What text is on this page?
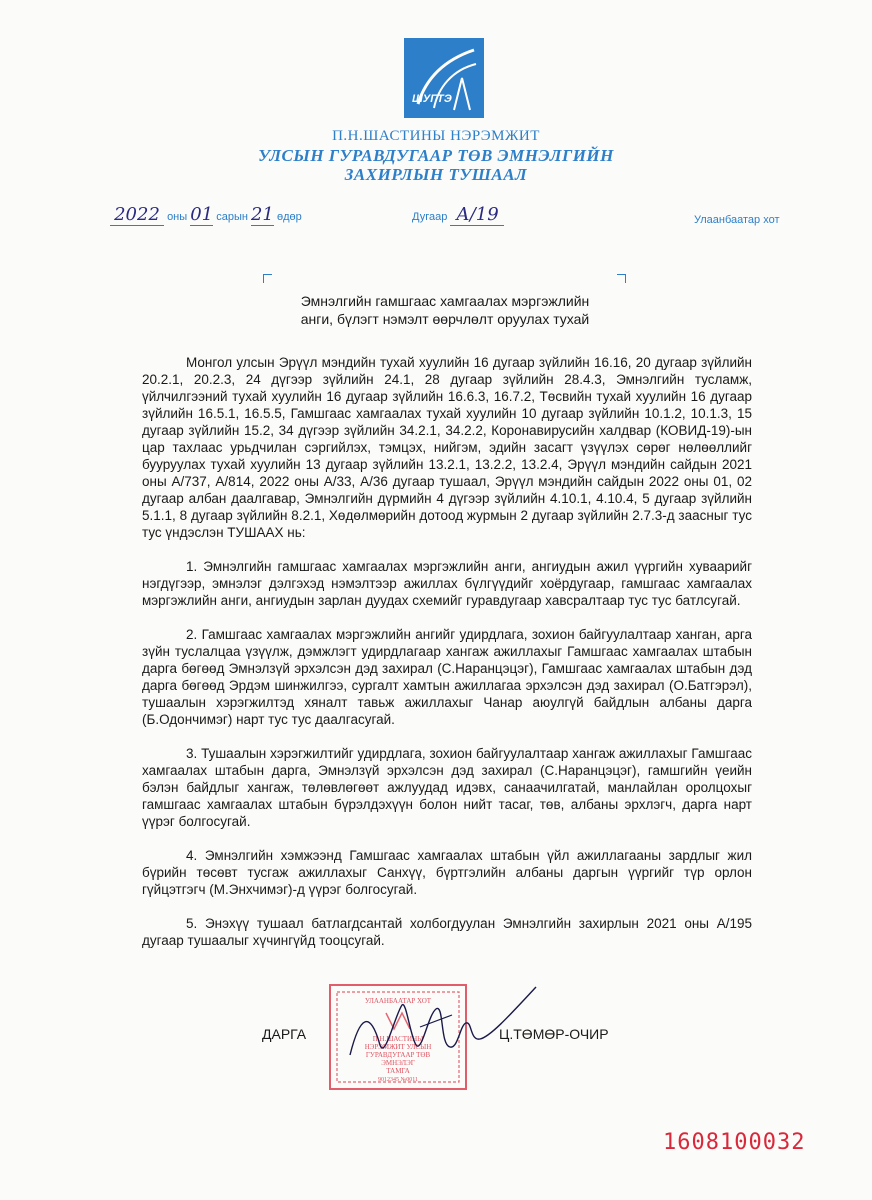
ШУГТЭ
П.Н.ШАСТИНЫ НЭРЭМЖИТ
УЛСЫН ГУРАВДУГААР ТӨВ ЭМНЭЛГИЙН
ЗАХИРЛЫН ТУШААЛ
2022 оны 01 сарын 21 өдөр	Дугаар А/19	Улаанбаатар хот
Эмнэлгийн гамшгаас хамгаалах мэргэжлийн
анги, бүлэгт нэмэлт өөрчлөлт оруулах тухай

Монгол улсын Эрүүл мэндийн тухай хуулийн 16 дугаар зүйлийн 16.16, 20 дугаар зүйлийн 20.2.1, 20.2.3, 24 дүгээр зүйлийн 24.1, 28 дугаар зүйлийн 28.4.3, Эмнэлгийн тусламж, үйлчилгээний тухай хуулийн 16 дугаар зүйлийн 16.6.3, 16.7.2, Төсвийн тухай хуулийн 16 дугаар зүйлийн 16.5.1, 16.5.5, Гамшгаас хамгаалах тухай хуулийн 10 дугаар зүйлийн 10.1.2, 10.1.3, 15 дугаар зүйлийн 15.2, 34 дүгээр зүйлийн 34.2.1, 34.2.2, Коронавирусийн халдвар (КОВИД-19)-ын цар тахлаас урьдчилан сэргийлэх, тэмцэх, нийгэм, эдийн засагт үзүүлэх сөрөг нөлөөллийг бууруулах тухай хуулийн 13 дугаар зүйлийн 13.2.1, 13.2.2, 13.2.4, Эрүүл мэндийн сайдын 2021 оны А/737, А/814, 2022 оны А/33, А/36 дугаар тушаал, Эрүүл мэндийн сайдын 2022 оны 01, 02 дугаар албан даалгавар, Эмнэлгийн дүрмийн 4 дүгээр зүйлийн 4.10.1, 4.10.4, 5 дугаар зүйлийн 5.1.1, 8 дугаар зүйлийн 8.2.1, Хөдөлмөрийн дотоод журмын 2 дугаар зүйлийн 2.7.3-д заасныг тус тус үндэслэн ТУШААХ нь:

1. Эмнэлгийн гамшгаас хамгаалах мэргэжлийн анги, ангиудын ажил үүргийн хуваарийг нэгдүгээр, эмнэлэг дэлгэхэд нэмэлтээр ажиллах бүлгүүдийг хоёрдугаар, гамшгаас хамгаалах мэргэжлийн анги, ангиудын зарлан дуудах схемийг гуравдугаар хавсралтаар тус тус батлсугай.

2. Гамшгаас хамгаалах мэргэжлийн ангийг удирдлага, зохион байгуулалтаар ханган, арга зүйн туслалцаа үзүүлж, дэмжлэгт удирдлагаар хангаж ажиллахыг Гамшгаас хамгаалах штабын дарга бөгөөд Эмнэлзүй эрхэлсэн дэд захирал (С.Наранцэцэг), Гамшгаас хамгаалах штабын дэд дарга бөгөөд Эрдэм шинжилгээ, сургалт хамтын ажиллагаа эрхэлсэн дэд захирал (О.Батгэрэл), тушаалын хэрэгжилтэд хяналт тавьж ажиллахыг Чанар аюулгүй байдлын албаны дарга (Б.Одончимэг) нарт тус тус даалгасугай.

3. Тушаалын хэрэгжилтийг удирдлага, зохион байгуулалтаар хангаж ажиллахыг Гамшгаас хамгаалах штабын дарга, Эмнэлзүй эрхэлсэн дэд захирал (С.Наранцэцэг), гамшгийн үеийн бэлэн байдлыг хангаж, төлөвлөгөөт ажлуудад идэвх, санаачилгатай, манлайлан оролцохыг гамшгаас хамгаалах штабын бүрэлдэхүүн болон нийт тасаг, төв, албаны эрхлэгч, дарга нарт үүрэг болгосугай.

4. Эмнэлгийн хэмжээнд Гамшгаас хамгаалах штабын үйл ажиллагааны зардлыг жил бүрийн төсөвт тусгаж ажиллахыг Санхүү, бүртгэлийн албаны даргын үүргийг түр орлон гүйцэтгэгч (М.Энхчимэг)-д үүрэг болгосугай.

5. Энэхүү тушаал батлагдсантай холбогдуулан Эмнэлгийн захирлын 2021 оны А/195 дугаар тушаалыг хүчингүйд тооцсугай.

УЛААНБААТАР ХОТ
П.Н.ШАСТИНЫ
НЭРЭМЖИТ УЛСЫН
ГУРАВДУГААР ТӨВ
ЭМНЭЛЭГ
ТАМГА
9012345 №0011
ДАРГА	Ц.ТӨМӨР-ОЧИР
1608100032
